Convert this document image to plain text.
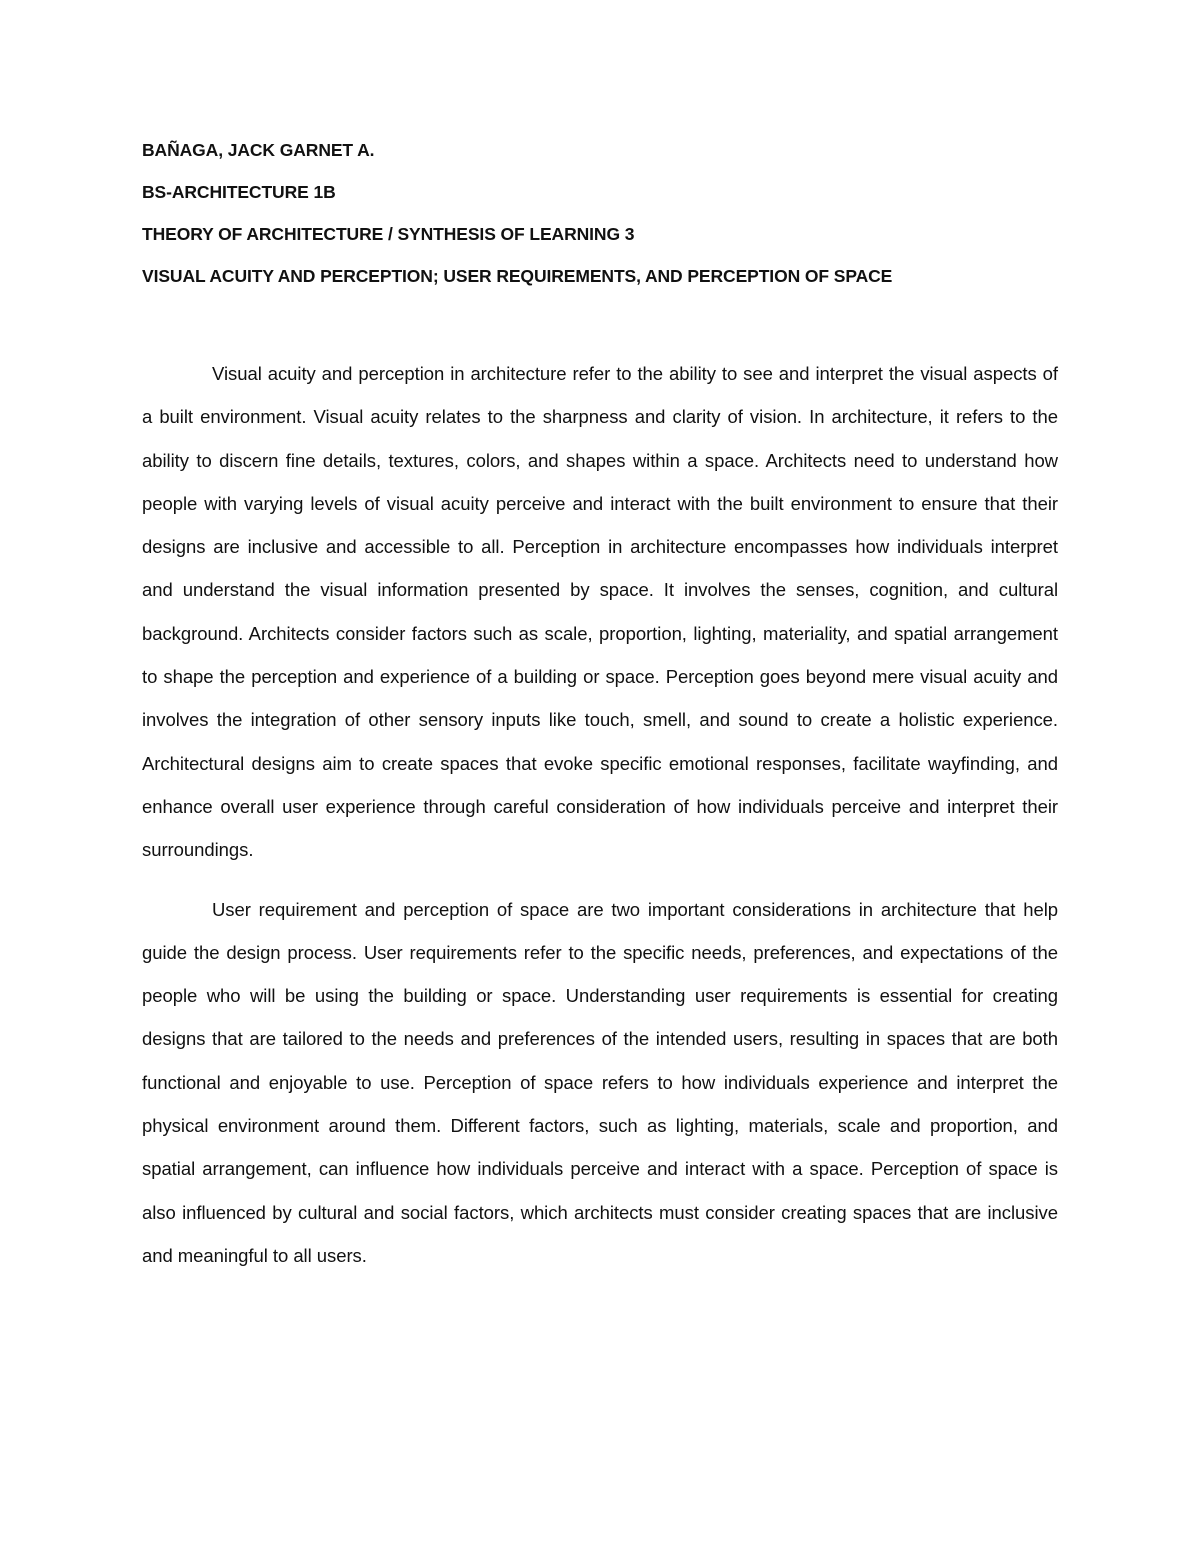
BAÑAGA, JACK GARNET A.
BS-ARCHITECTURE 1B
THEORY OF ARCHITECTURE / SYNTHESIS OF LEARNING 3
VISUAL ACUITY AND PERCEPTION; USER REQUIREMENTS, AND PERCEPTION OF SPACE

Visual acuity and perception in architecture refer to the ability to see and interpret the visual aspects of a built environment. Visual acuity relates to the sharpness and clarity of vision. In architecture, it refers to the ability to discern fine details, textures, colors, and shapes within a space. Architects need to understand how people with varying levels of visual acuity perceive and interact with the built environment to ensure that their designs are inclusive and accessible to all. Perception in architecture encompasses how individuals interpret and understand the visual information presented by space. It involves the senses, cognition, and cultural background. Architects consider factors such as scale, proportion, lighting, materiality, and spatial arrangement to shape the perception and experience of a building or space. Perception goes beyond mere visual acuity and involves the integration of other sensory inputs like touch, smell, and sound to create a holistic experience. Architectural designs aim to create spaces that evoke specific emotional responses, facilitate wayfinding, and enhance overall user experience through careful consideration of how individuals perceive and interpret their surroundings.

User requirement and perception of space are two important considerations in architecture that help guide the design process. User requirements refer to the specific needs, preferences, and expectations of the people who will be using the building or space. Understanding user requirements is essential for creating designs that are tailored to the needs and preferences of the intended users, resulting in spaces that are both functional and enjoyable to use. Perception of space refers to how individuals experience and interpret the physical environment around them. Different factors, such as lighting, materials, scale and proportion, and spatial arrangement, can influence how individuals perceive and interact with a space. Perception of space is also influenced by cultural and social factors, which architects must consider creating spaces that are inclusive and meaningful to all users.
